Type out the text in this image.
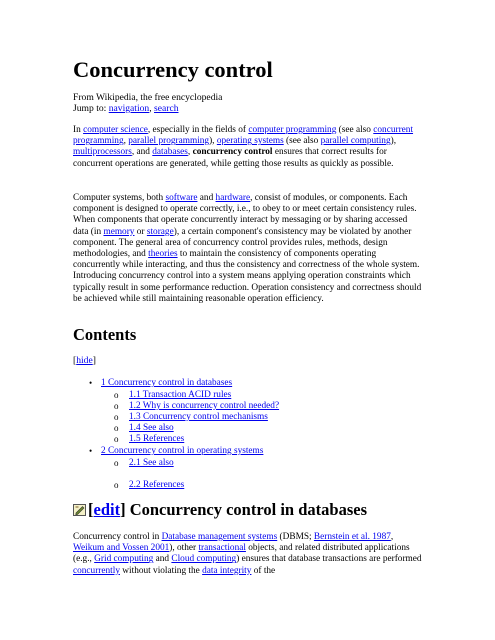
Concurrency control
From Wikipedia, the free encyclopedia
Jump to: navigation, search

In computer science, especially in the fields of computer programming (see also concurrent programming, parallel programming), operating systems (see also parallel computing), multiprocessors, and databases, concurrency control ensures that correct results for concurrent operations are generated, while getting those results as quickly as possible.

Computer systems, both software and hardware, consist of modules, or components. Each component is designed to operate correctly, i.e., to obey to or meet certain consistency rules. When components that operate concurrently interact by messaging or by sharing accessed data (in memory or storage), a certain component's consistency may be violated by another component. The general area of concurrency control provides rules, methods, design methodologies, and theories to maintain the consistency of components operating concurrently while interacting, and thus the consistency and correctness of the whole system. Introducing concurrency control into a system means applying operation constraints which typically result in some performance reduction. Operation consistency and correctness should be achieved while still maintaining reasonable operation efficiency.

Contents
[hide]
• 1 Concurrency control in databases
o 1.1 Transaction ACID rules
o 1.2 Why is concurrency control needed?
o 1.3 Concurrency control mechanisms
o 1.4 See also
o 1.5 References
• 2 Concurrency control in operating systems
o 2.1 See also
o 2.2 References
[edit] Concurrency control in databases

Concurrency control in Database management systems (DBMS; Bernstein et al. 1987, Weikum and Vossen 2001), other transactional objects, and related distributed applications (e.g., Grid computing and Cloud computing) ensures that database transactions are performed concurrently without violating the data integrity of the
